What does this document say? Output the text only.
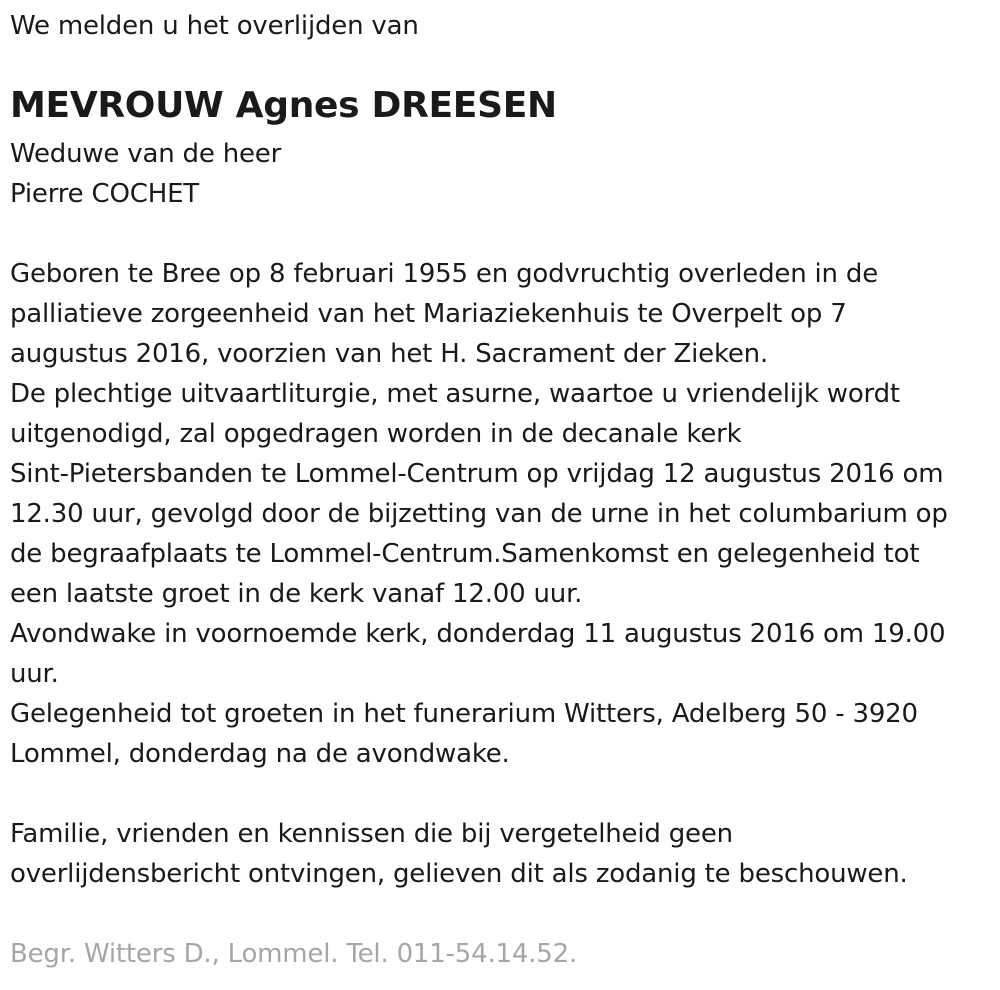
We melden u het overlijden van
MEVROUW Agnes DREESEN
Weduwe van de heer
Pierre COCHET
Geboren te Bree op 8 februari 1955 en godvruchtig overleden in de
palliatieve zorgeenheid van het Mariaziekenhuis te Overpelt op 7
augustus 2016, voorzien van het H. Sacrament der Zieken.
De plechtige uitvaartliturgie, met asurne, waartoe u vriendelijk wordt
uitgenodigd, zal opgedragen worden in de decanale kerk
Sint-Pietersbanden te Lommel-Centrum op vrijdag 12 augustus 2016 om
12.30 uur, gevolgd door de bijzetting van de urne in het columbarium op
de begraafplaats te Lommel-Centrum.Samenkomst en gelegenheid tot
een laatste groet in de kerk vanaf 12.00 uur.
Avondwake in voornoemde kerk, donderdag 11 augustus 2016 om 19.00
uur.
Gelegenheid tot groeten in het funerarium Witters, Adelberg 50 - 3920
Lommel, donderdag na de avondwake.
Familie, vrienden en kennissen die bij vergetelheid geen
overlijdensbericht ontvingen, gelieven dit als zodanig te beschouwen.
Begr. Witters D., Lommel. Tel. 011-54.14.52.
